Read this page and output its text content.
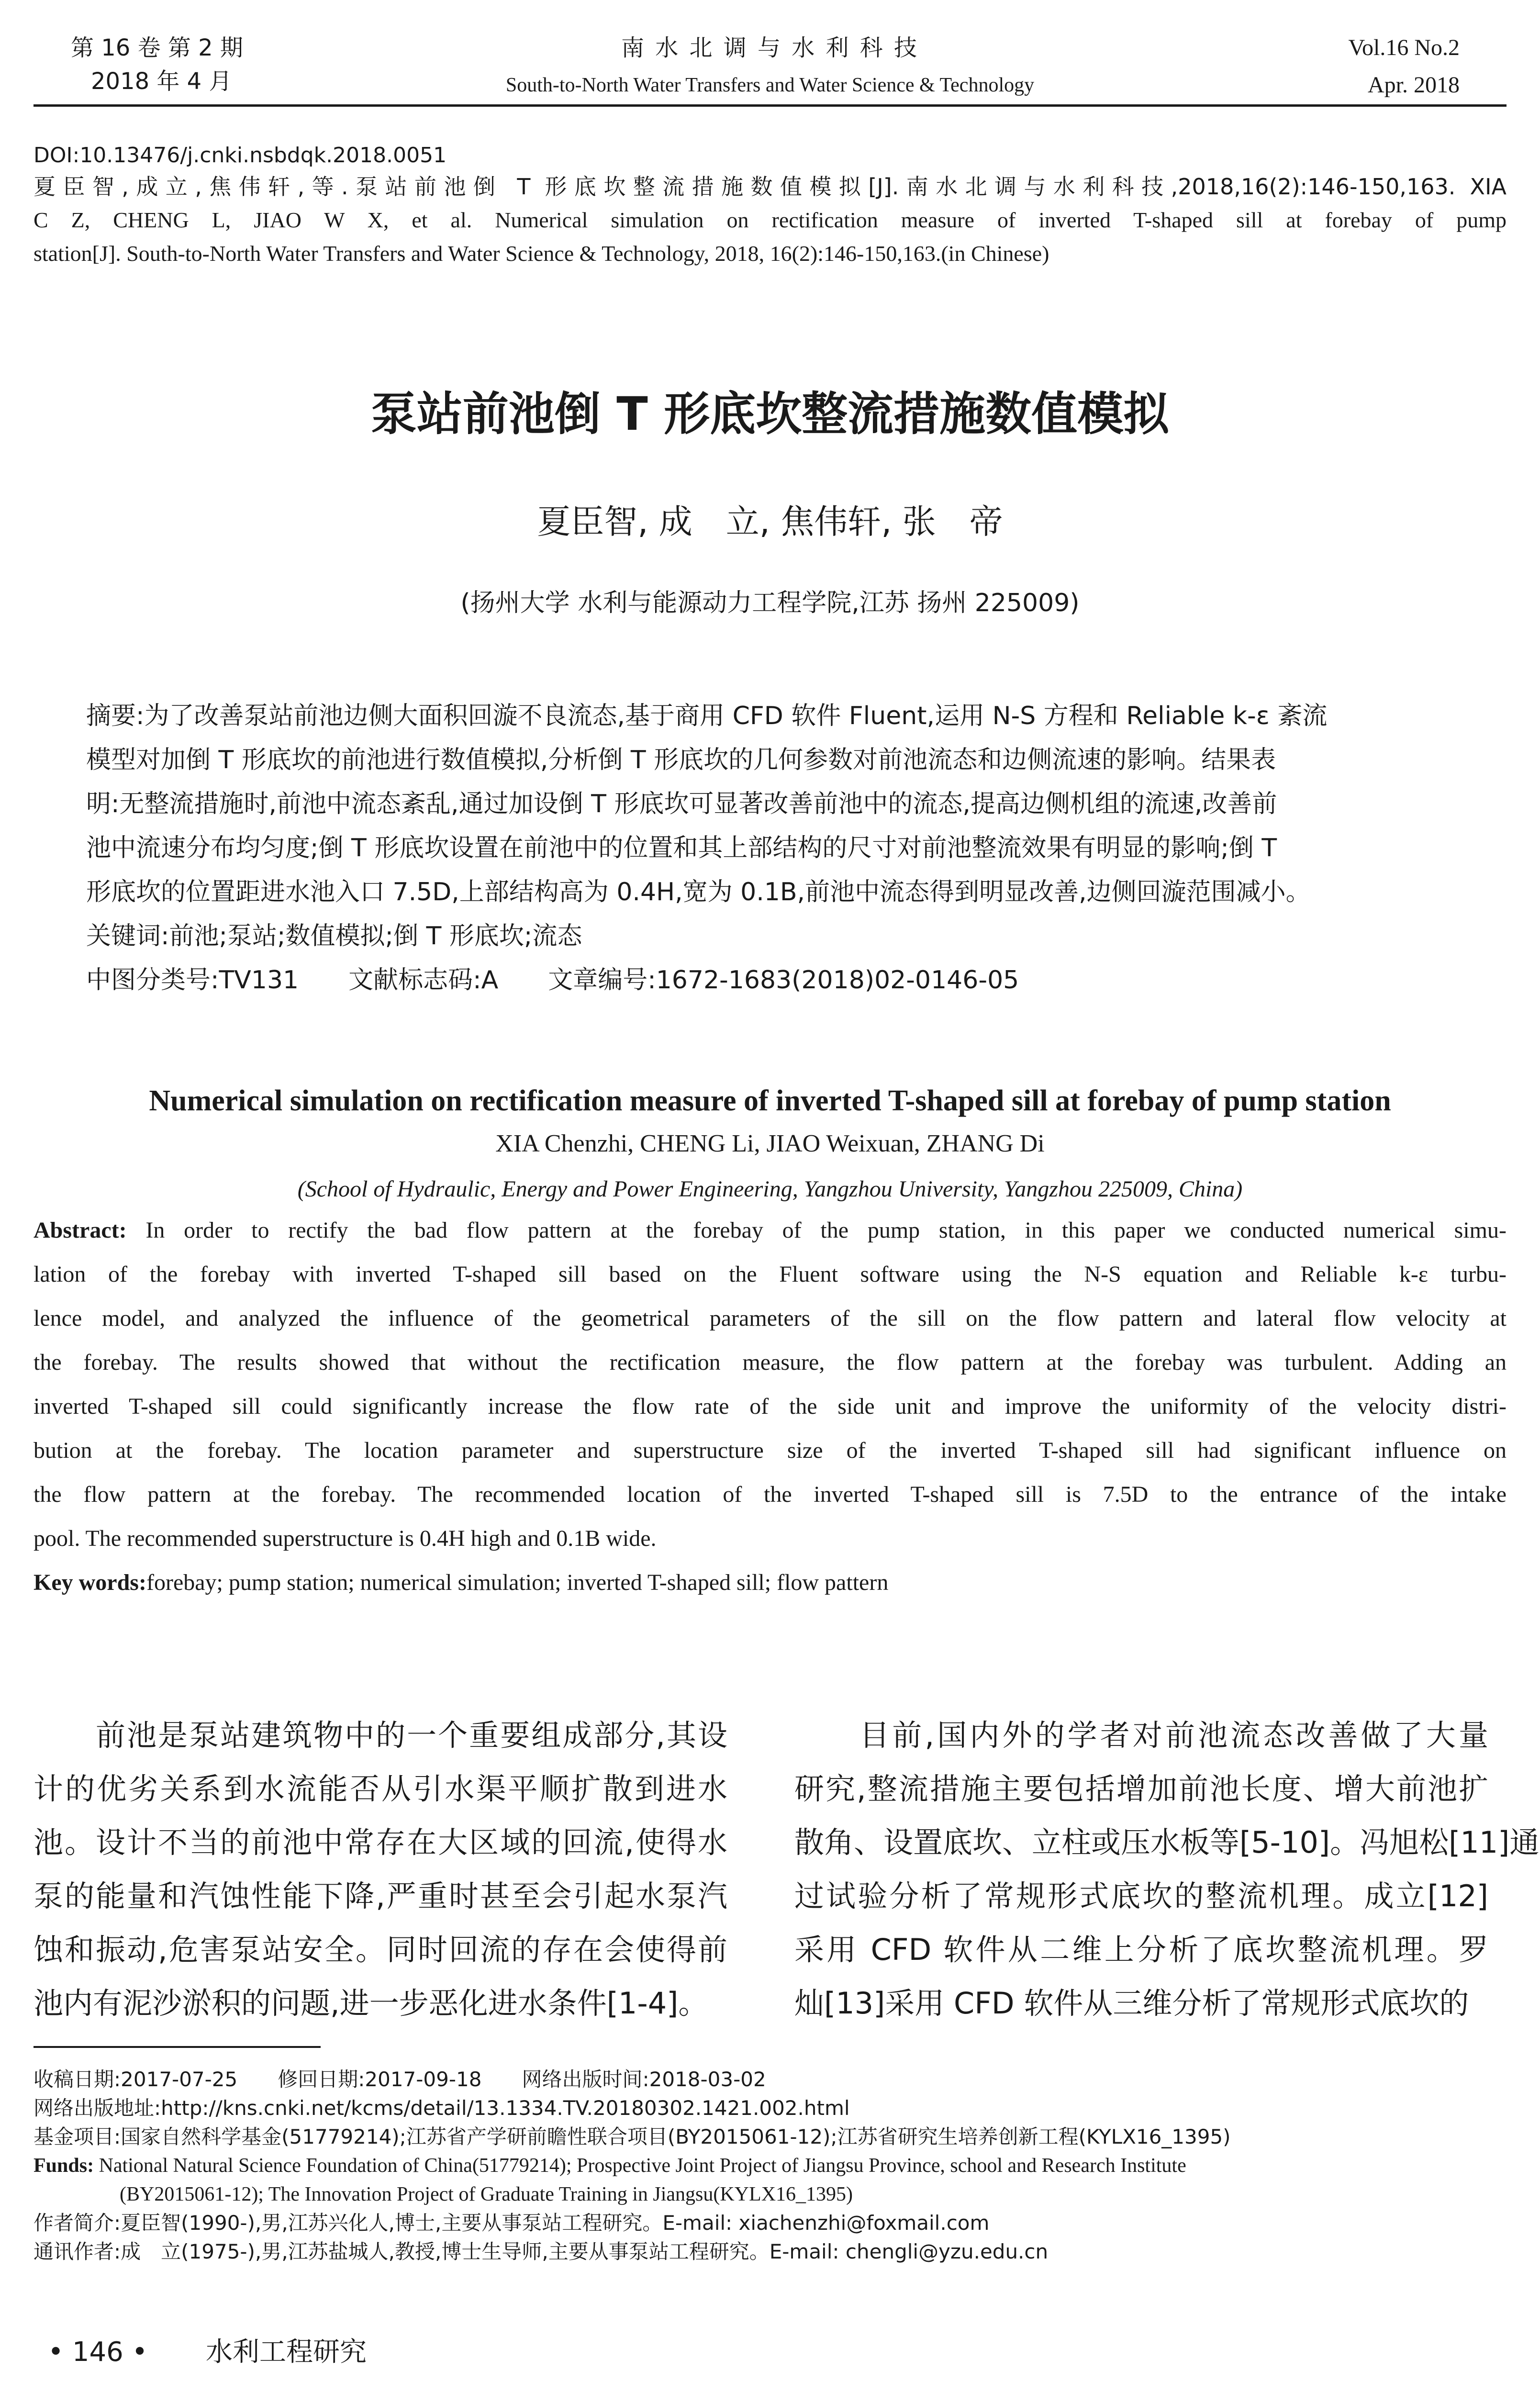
第 16 卷 第 2 期
2018 年 4 月
南 水 北 调 与 水 利 科 技
South-to-North Water Transfers and Water Science & Technology
Vol.16 No.2
Apr. 2018
DOI:10.13476/j.cnki.nsbdqk.2018.0051
夏臣智,成立,焦伟轩,等.泵站前池倒 T 形底坎整流措施数值模拟[J].南水北调与水利科技,2018,16(2):146-150,163. XIA
C Z, CHENG L, JIAO W X, et al. Numerical simulation on rectification measure of inverted T-shaped sill at forebay of pump
station[J]. South-to-North Water Transfers and Water Science & Technology, 2018, 16(2):146-150,163.(in Chinese)
泵站前池倒 T 形底坎整流措施数值模拟
夏臣智, 成　立, 焦伟轩, 张　帝
(扬州大学 水利与能源动力工程学院,江苏 扬州 225009)
摘要:为了改善泵站前池边侧大面积回漩不良流态,基于商用 CFD 软件 Fluent,运用 N-S 方程和 Reliable k-ε 紊流
模型对加倒 T 形底坎的前池进行数值模拟,分析倒 T 形底坎的几何参数对前池流态和边侧流速的影响。结果表
明:无整流措施时,前池中流态紊乱,通过加设倒 T 形底坎可显著改善前池中的流态,提高边侧机组的流速,改善前
池中流速分布均匀度;倒 T 形底坎设置在前池中的位置和其上部结构的尺寸对前池整流效果有明显的影响;倒 T
形底坎的位置距进水池入口 7.5D,上部结构高为 0.4H,宽为 0.1B,前池中流态得到明显改善,边侧回漩范围减小。
关键词:前池;泵站;数值模拟;倒 T 形底坎;流态
中图分类号:TV131　　文献标志码:A　　文章编号:1672-1683(2018)02-0146-05
Numerical simulation on rectification measure of inverted T-shaped sill at forebay of pump station
XIA Chenzhi, CHENG Li, JIAO Weixuan, ZHANG Di
(School of Hydraulic, Energy and Power Engineering, Yangzhou University, Yangzhou 225009, China)
Abstract: In order to rectify the bad flow pattern at the forebay of the pump station, in this paper we conducted numerical simu-
lation of the forebay with inverted T-shaped sill based on the Fluent software using the N-S equation and Reliable k-ε turbu-
lence model, and analyzed the influence of the geometrical parameters of the sill on the flow pattern and lateral flow velocity at
the forebay. The results showed that without the rectification measure, the flow pattern at the forebay was turbulent. Adding an
inverted T-shaped sill could significantly increase the flow rate of the side unit and improve the uniformity of the velocity distri-
bution at the forebay. The location parameter and superstructure size of the inverted T-shaped sill had significant influence on
the flow pattern at the forebay. The recommended location of the inverted T-shaped sill is 7.5D to the entrance of the intake
pool. The recommended superstructure is 0.4H high and 0.1B wide.
Key words:forebay; pump station; numerical simulation; inverted T-shaped sill; flow pattern
　　前池是泵站建筑物中的一个重要组成部分,其设
计的优劣关系到水流能否从引水渠平顺扩散到进水
池。设计不当的前池中常存在大区域的回流,使得水
泵的能量和汽蚀性能下降,严重时甚至会引起水泵汽
蚀和振动,危害泵站安全。同时回流的存在会使得前
池内有泥沙淤积的问题,进一步恶化进水条件[1-4]。
　　目前,国内外的学者对前池流态改善做了大量
研究,整流措施主要包括增加前池长度、增大前池扩
散角、设置底坎、立柱或压水板等[5-10]。冯旭松[11]通
过试验分析了常规形式底坎的整流机理。成立[12]
采用 CFD 软件从二维上分析了底坎整流机理。罗
灿[13]采用 CFD 软件从三维分析了常规形式底坎的
收稿日期:2017-07-25　　修回日期:2017-09-18　　网络出版时间:2018-03-02
网络出版地址:http://kns.cnki.net/kcms/detail/13.1334.TV.20180302.1421.002.html
基金项目:国家自然科学基金(51779214);江苏省产学研前瞻性联合项目(BY2015061-12);江苏省研究生培养创新工程(KYLX16_1395)
Funds: National Natural Science Foundation of China(51779214); Prospective Joint Project of Jiangsu Province, school and Research Institute
(BY2015061-12); The Innovation Project of Graduate Training in Jiangsu(KYLX16_1395)
作者简介:夏臣智(1990-),男,江苏兴化人,博士,主要从事泵站工程研究。E-mail: xiachenzhi@foxmail.com
通讯作者:成　立(1975-),男,江苏盐城人,教授,博士生导师,主要从事泵站工程研究。E-mail: chengli@yzu.edu.cn
• 146 • 水利工程研究
